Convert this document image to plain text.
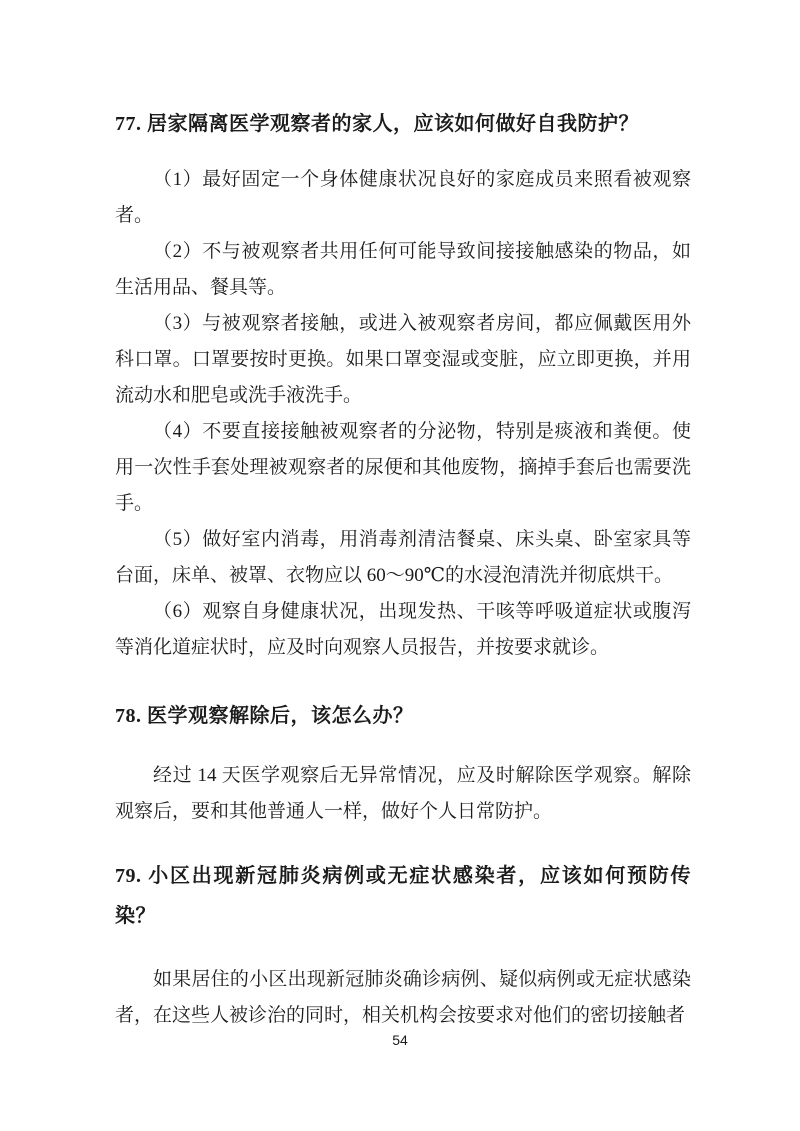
77. 居家隔离医学观察者的家人，应该如何做好自我防护？

（1）最好固定一个身体健康状况良好的家庭成员来照看被观察者。

（2）不与被观察者共用任何可能导致间接接触感染的物品，如生活用品、餐具等。

（3）与被观察者接触，或进入被观察者房间，都应佩戴医用外科口罩。口罩要按时更换。如果口罩变湿或变脏，应立即更换，并用流动水和肥皂或洗手液洗手。

（4）不要直接接触被观察者的分泌物，特别是痰液和粪便。使用一次性手套处理被观察者的尿便和其他废物，摘掉手套后也需要洗手。

（5）做好室内消毒，用消毒剂清洁餐桌、床头桌、卧室家具等台面，床单、被罩、衣物应以 60～90℃的水浸泡清洗并彻底烘干。

（6）观察自身健康状况，出现发热、干咳等呼吸道症状或腹泻等消化道症状时，应及时向观察人员报告，并按要求就诊。

78. 医学观察解除后，该怎么办？

经过 14 天医学观察后无异常情况，应及时解除医学观察。解除观察后，要和其他普通人一样，做好个人日常防护。

79. 小区出现新冠肺炎病例或无症状感染者，应该如何预防传染？

如果居住的小区出现新冠肺炎确诊病例、疑似病例或无症状感染者，在这些人被诊治的同时，相关机构会按要求对他们的密切接触者

54
